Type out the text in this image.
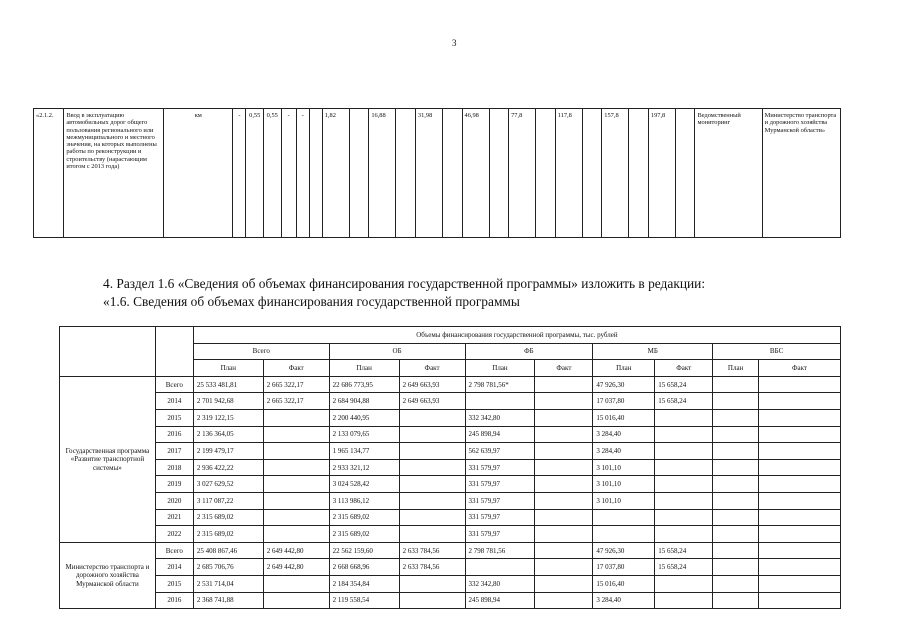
3
«2.1.2.	Ввод в эксплуатацию автомобильных дорог общего пользования регионального или межмуниципального и местного значения, на которых выполнены работы по реконструкции и строительству (нарастающим итогом с 2013 года)	км	-	0,55	0,55	-	-		1,82		16,88		31,98		46,98		77,8		117,8		157,8		197,8		Ведомственный мониторинг	Министерство транспорта и дорожного хозяйства Мурманской области»
4. Раздел 1.6 «Сведения об объемах финансирования государственной программы» изложить в редакции:
«1.6. Сведения об объемах финансирования государственной программы
		Объемы финансирования государственной программы, тыс. рублей									
		Всего		ОБ		ФБ		МБ		ВБС	
		План	Факт	План	Факт	План	Факт	План	Факт	План	Факт
Государственная программа «Развитие транспортной системы»	Всего	25 533 481,81	2 665 322,17	22 686 773,95	2 649 663,93	2 798 781,56*		47 926,30	15 658,24		
	2014	2 701 942,68	2 665 322,17	2 684 904,88	2 649 663,93			17 037,80	15 658,24		
	2015	2 319 122,15		2 200 440,95		332 342,80		15 016,40			
	2016	2 136 364,05		2 133 079,65		245 898,94		3 284,40			
	2017	2 199 479,17		1 965 134,77		562 639,97		3 284,40			
	2018	2 936 422,22		2 933 321,12		331 579,97		3 101,10			
	2019	3 027 629,52		3 024 528,42		331 579,97		3 101,10			
	2020	3 117 087,22		3 113 986,12		331 579,97		3 101,10			
	2021	2 315 689,02		2 315 689,02		331 579,97					
	2022	2 315 689,02		2 315 689,02		331 579,97					
Министерство транспорта и дорожного хозяйства Мурманской области	Всего	25 408 867,46	2 649 442,80	22 562 159,60	2 633 784,56	2 798 781,56		47 926,30	15 658,24		
	2014	2 685 706,76	2 649 442,80	2 668 668,96	2 633 784,56			17 037,80	15 658,24		
	2015	2 531 714,04		2 184 354,84		332 342,80		15 016,40			
	2016	2 368 741,88		2 119 558,54		245 898,94		3 284,40			
